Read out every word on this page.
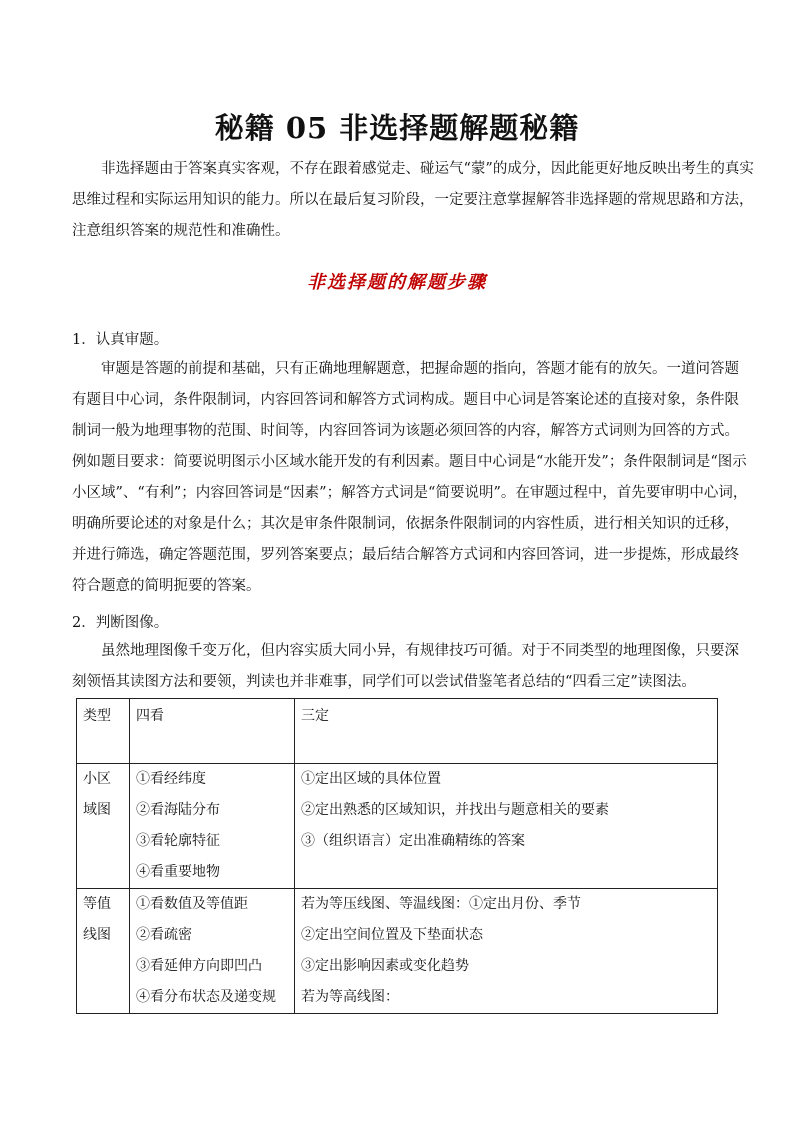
秘籍 05 非选择题解题秘籍
非选择题由于答案真实客观，不存在跟着感觉走、碰运气“蒙”的成分，因此能更好地反映出考生的真实
思维过程和实际运用知识的能力。所以在最后复习阶段，一定要注意掌握解答非选择题的常规思路和方法，
注意组织答案的规范性和准确性。
非选择题的解题步骤
1．认真审题。
审题是答题的前提和基础，只有正确地理解题意，把握命题的指向，答题才能有的放矢。一道问答题
有题目中心词，条件限制词，内容回答词和解答方式词构成。题目中心词是答案论述的直接对象，条件限
制词一般为地理事物的范围、时间等，内容回答词为该题必须回答的内容，解答方式词则为回答的方式。
例如题目要求：简要说明图示小区域水能开发的有利因素。题目中心词是“水能开发”；条件限制词是“图示
小区域”、“有利”；内容回答词是“因素”；解答方式词是“简要说明”。在审题过程中，首先要审明中心词，
明确所要论述的对象是什么；其次是审条件限制词，依据条件限制词的内容性质，进行相关知识的迁移，
并进行筛选，确定答题范围，罗列答案要点；最后结合解答方式词和内容回答词，进一步提炼，形成最终
符合题意的简明扼要的答案。
2．判断图像。
虽然地理图像千变万化，但内容实质大同小异，有规律技巧可循。对于不同类型的地理图像，只要深
刻领悟其读图方法和要领，判读也并非难事，同学们可以尝试借鉴笔者总结的“四看三定”读图法。
类型	四看	三定

小区
域图	①看经纬度
②看海陆分布
③看轮廓特征
④看重要地物	①定出区域的具体位置
②定出熟悉的区域知识，并找出与题意相关的要素
③（组织语言）定出准确精练的答案

等值
线图	①看数值及等值距
②看疏密
③看延伸方向即凹凸
④看分布状态及递变规	若为等压线图、等温线图：①定出月份、季节
②定出空间位置及下垫面状态
③定出影响因素或变化趋势
若为等高线图：
